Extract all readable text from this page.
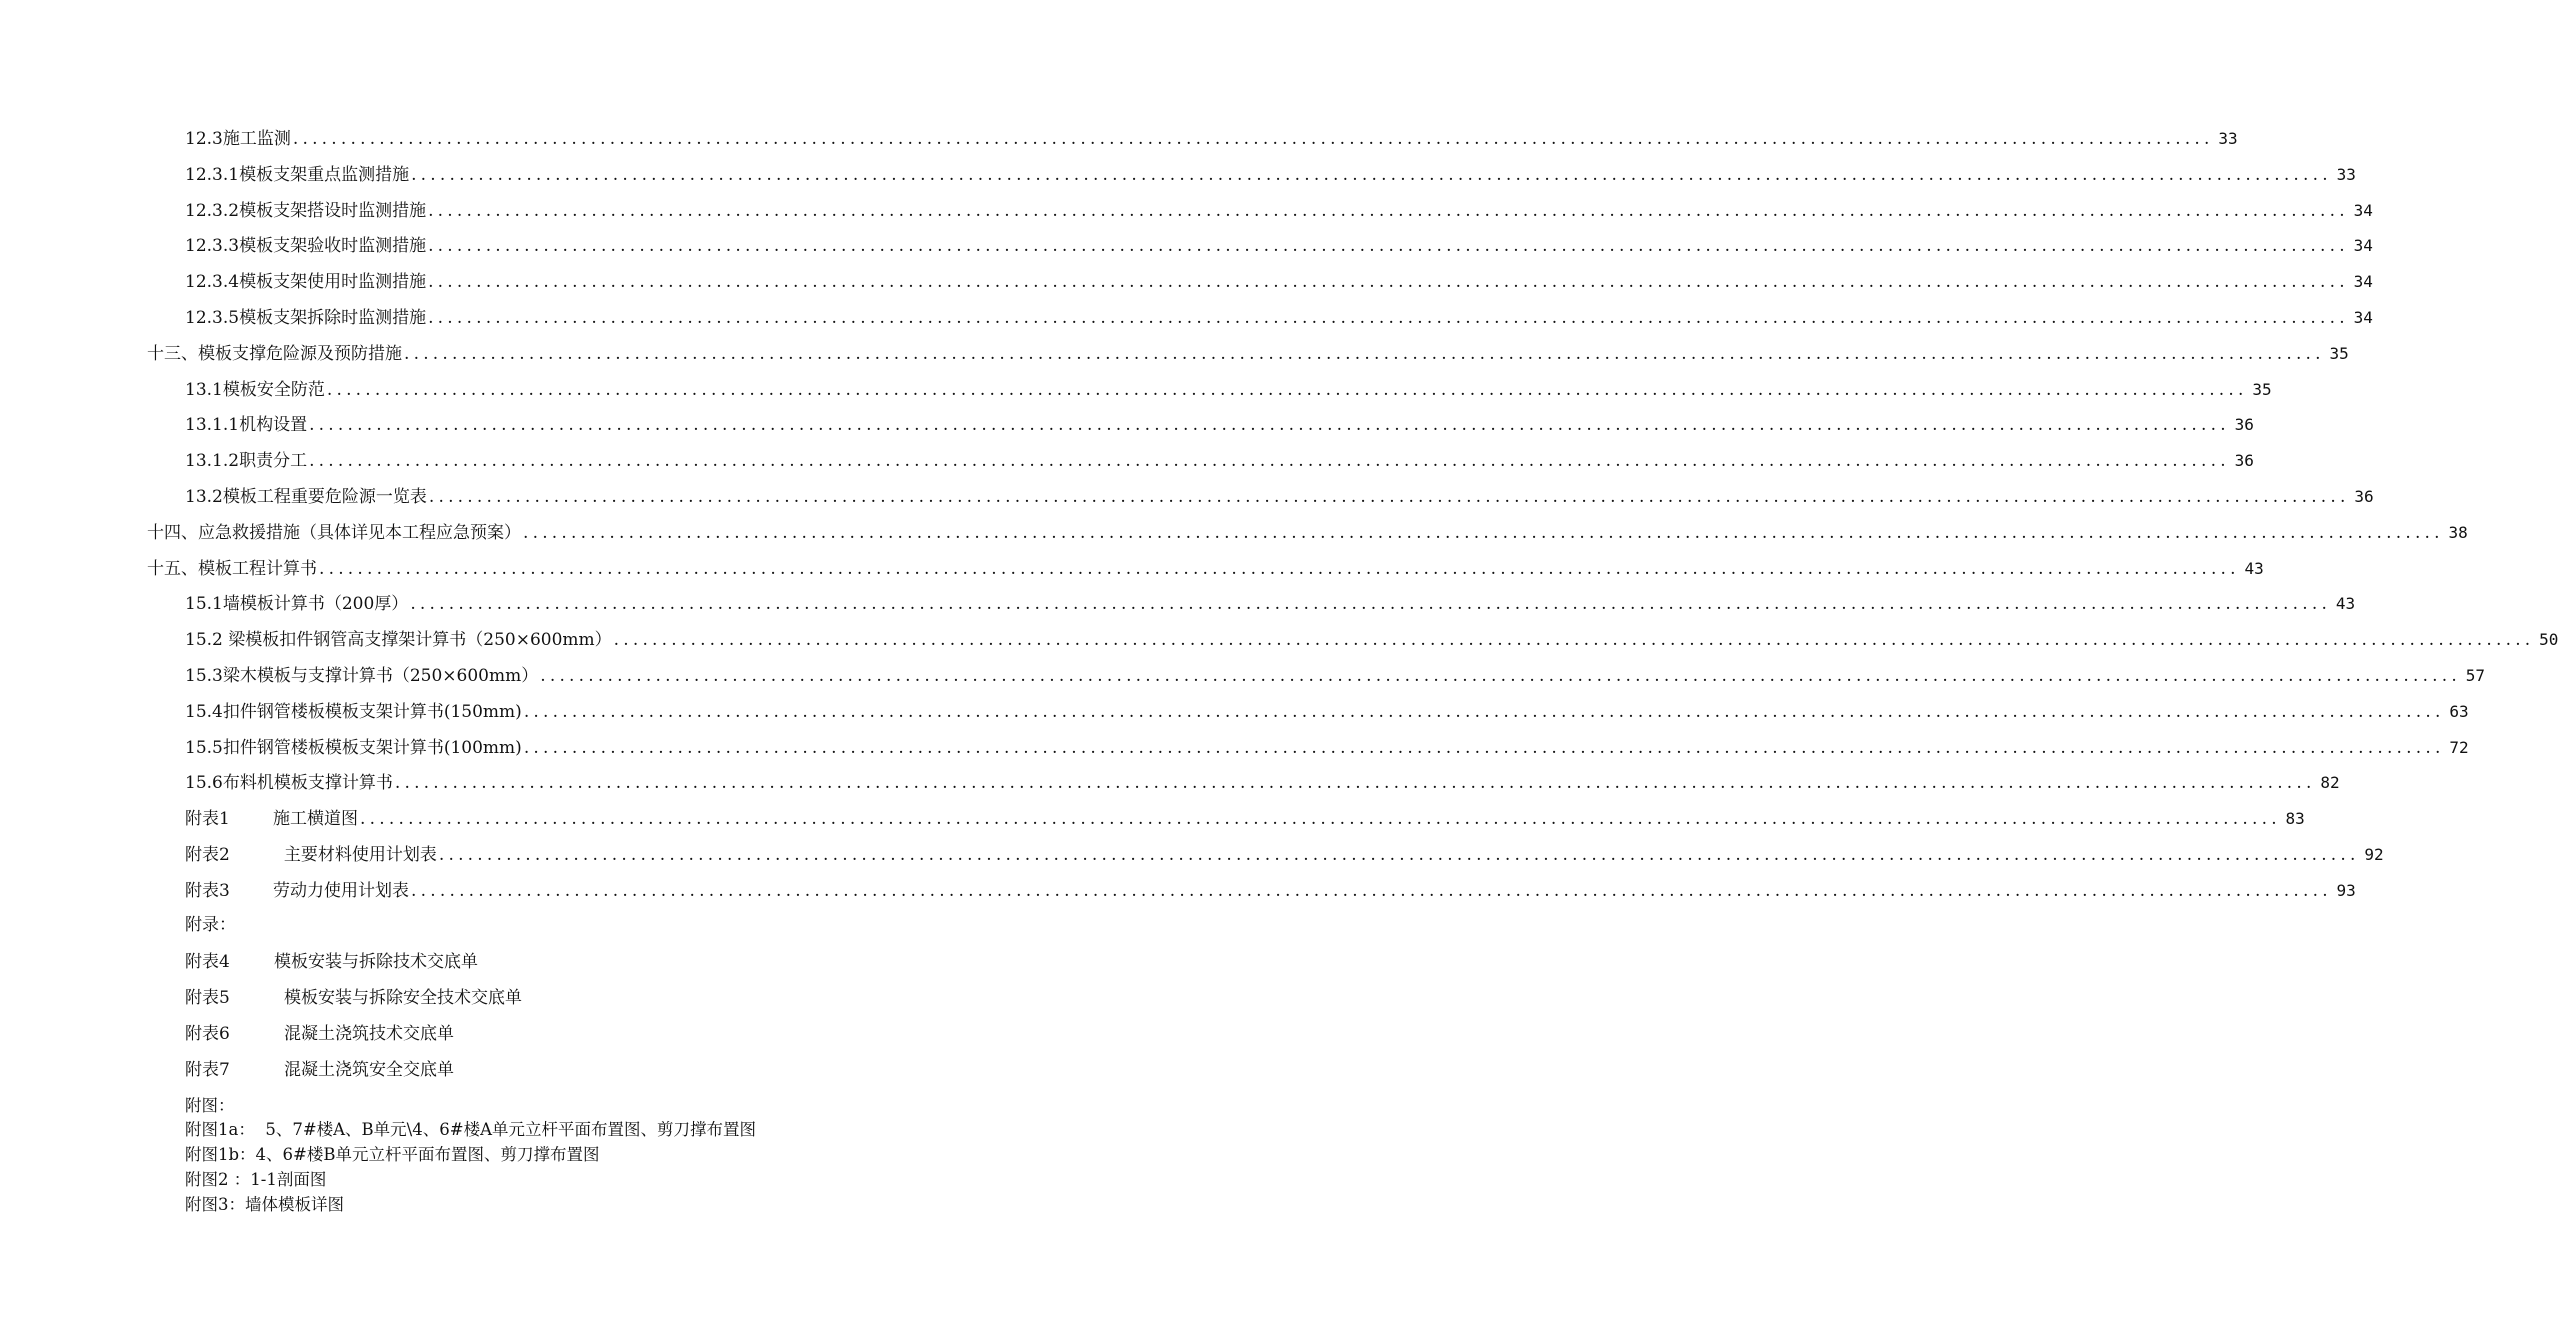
12.3施工监测 ........................................................................................................................................................................................................ 33
12.3.1模板支架重点监测措施 ........................................................................................................................................................................................................ 33
12.3.2模板支架搭设时监测措施 ........................................................................................................................................................................................................ 34
12.3.3模板支架验收时监测措施 ........................................................................................................................................................................................................ 34
12.3.4模板支架使用时监测措施 ........................................................................................................................................................................................................ 34
12.3.5模板支架拆除时监测措施 ........................................................................................................................................................................................................ 34
十三、模板支撑危险源及预防措施 ........................................................................................................................................................................................................ 35
13.1模板安全防范 ........................................................................................................................................................................................................ 35
13.1.1机构设置 ........................................................................................................................................................................................................ 36
13.1.2职责分工 ........................................................................................................................................................................................................ 36
13.2模板工程重要危险源一览表 ........................................................................................................................................................................................................ 36
十四、应急救援措施（具体详见本工程应急预案） ........................................................................................................................................................................................................ 38
十五、模板工程计算书 ........................................................................................................................................................................................................ 43
15.1墙模板计算书（200厚） ........................................................................................................................................................................................................ 43
15.2 梁模板扣件钢管高支撑架计算书（250×600mm） ........................................................................................................................................................................................................ 50
15.3梁木模板与支撑计算书（250×600mm） ........................................................................................................................................................................................................ 57
15.4扣件钢管楼板模板支架计算书(150mm) ........................................................................................................................................................................................................ 63
15.5扣件钢管楼板模板支架计算书(100mm) ........................................................................................................................................................................................................ 72
15.6布料机模板支撑计算书 ........................................................................................................................................................................................................ 82
附表1        施工横道图 ........................................................................................................................................................................................................ 83
附表2          主要材料使用计划表 ........................................................................................................................................................................................................ 92
附表3        劳动力使用计划表 ........................................................................................................................................................................................................ 93
附录：
附表4	模板安装与拆除技术交底单
附表5	模板安装与拆除安全技术交底单
附表6	混凝土浇筑技术交底单
附表7	混凝土浇筑安全交底单
附图：
附图1a：  5、7#楼A、B单元\4、6#楼A单元立杆平面布置图、剪刀撑布置图
附图1b：4、6#楼B单元立杆平面布置图、剪刀撑布置图
附图2 ：1-1剖面图
附图3：墙体模板详图
